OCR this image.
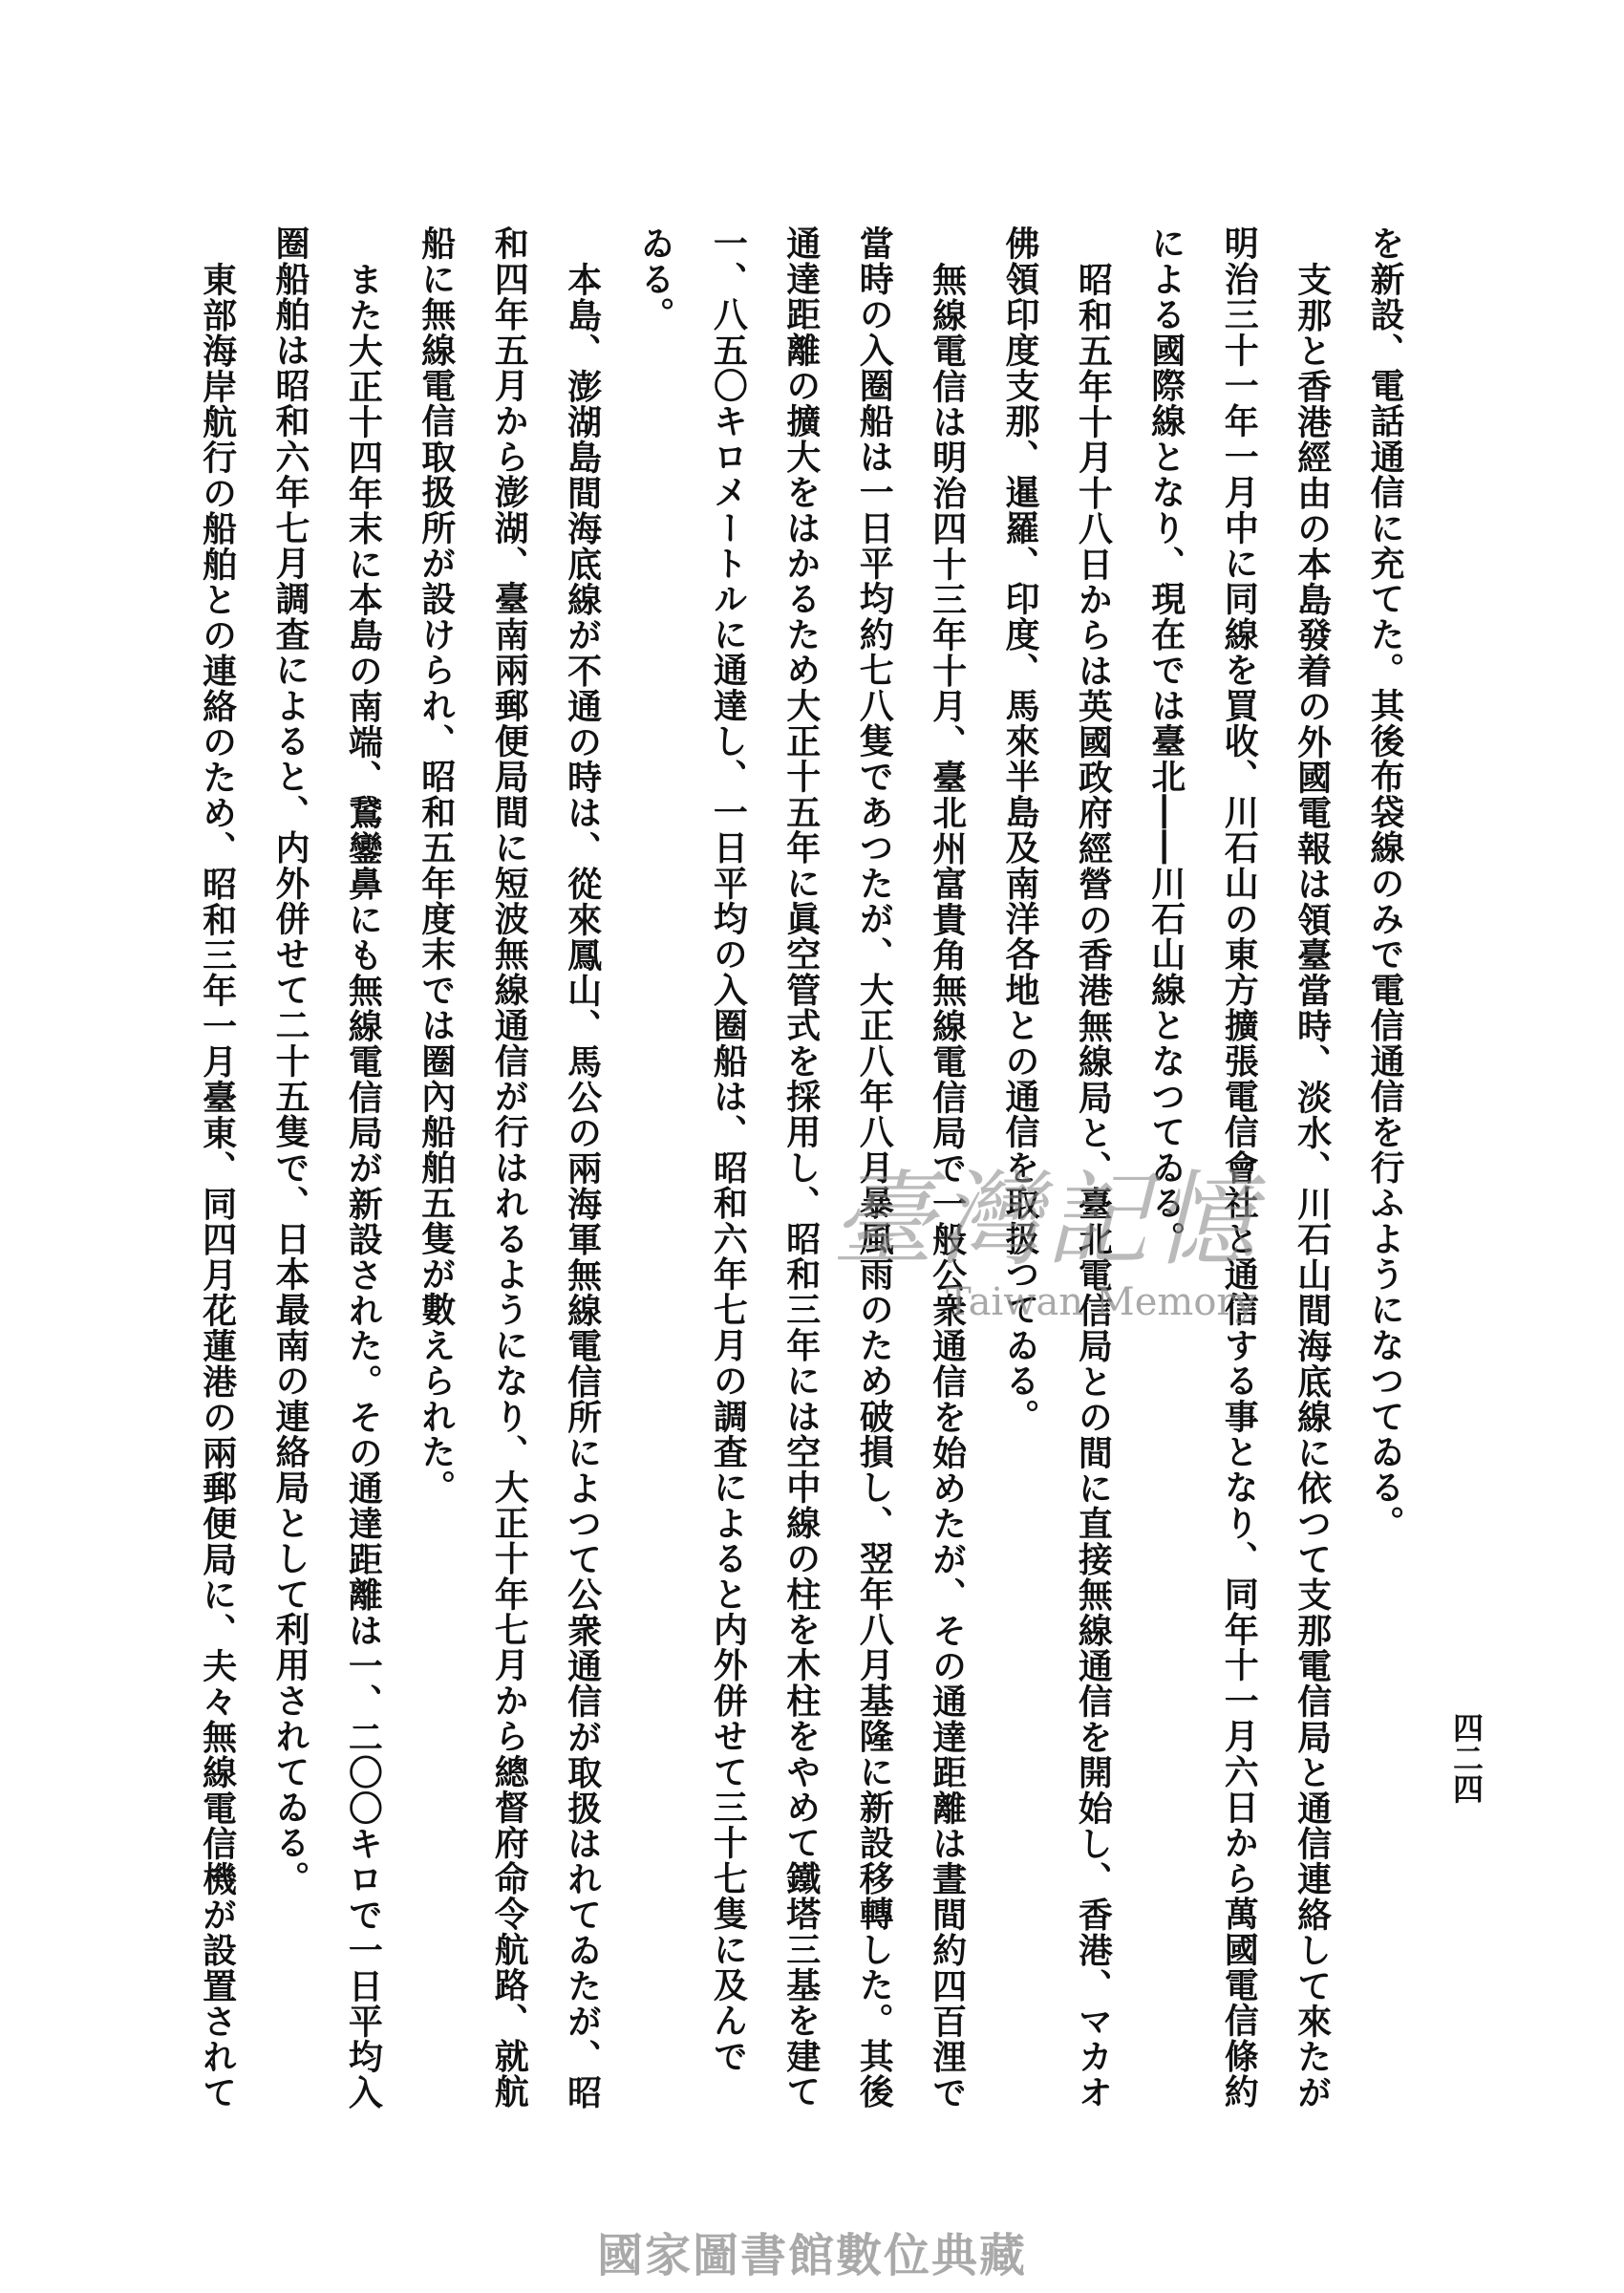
を新設、電話通信に充てた。其後布袋線のみで電信通信を行ふようになつてゐる。
支那と香港經由の本島發着の外國電報は領臺當時、淡水、川石山間海底線に依つて支那電信局と通信連絡して來たが
明治三十一年一月中に同線を買收、川石山の東方擴張電信會社と通信する事となり、同年十一月六日から萬國電信條約
による國際線となり、現在では臺北――川石山線となつてゐる。
昭和五年十月十八日からは英國政府經營の香港無線局と、臺北電信局との間に直接無線通信を開始し、香港、マカオ
佛領印度支那、暹羅、印度、馬來半島及南洋各地との通信を取扱つてゐる。
無線電信は明治四十三年十月、臺北州富貴角無線電信局で一般公衆通信を始めたが、その通達距離は晝間約四百浬で
當時の入圈船は一日平均約七八隻であつたが、大正八年八月暴風雨のため破損し、翌年八月基隆に新設移轉した。其後
通達距離の擴大をはかるため大正十五年に眞空管式を採用し、昭和三年には空中線の柱を木柱をやめて鐵塔三基を建て
一、八五〇キロメートルに通達し、一日平均の入圈船は、昭和六年七月の調査によると内外併せて三十七隻に及んで
ゐる。
本島、澎湖島間海底線が不通の時は、從來鳳山、馬公の兩海軍無線電信所によつて公衆通信が取扱はれてゐたが、昭
和四年五月から澎湖、臺南兩郵便局間に短波無線通信が行はれるようになり、大正十年七月から總督府命令航路、就航
船に無線電信取扱所が設けられ、昭和五年度末では圈內船舶五隻が數えられた。
また大正十四年末に本島の南端、鵞鑾鼻にも無線電信局が新設された。その通達距離は一、二〇〇キロで一日平均入
圈船舶は昭和六年七月調査によると、内外併せて二十五隻で、日本最南の連絡局として利用されてゐる。
東部海岸航行の船舶との連絡のため、昭和三年一月臺東、同四月花蓮港の兩郵便局に、夫々無線電信機が設置されて	四二四
臺灣記憶
Taiwan Memory
國家圖書館數位典藏
